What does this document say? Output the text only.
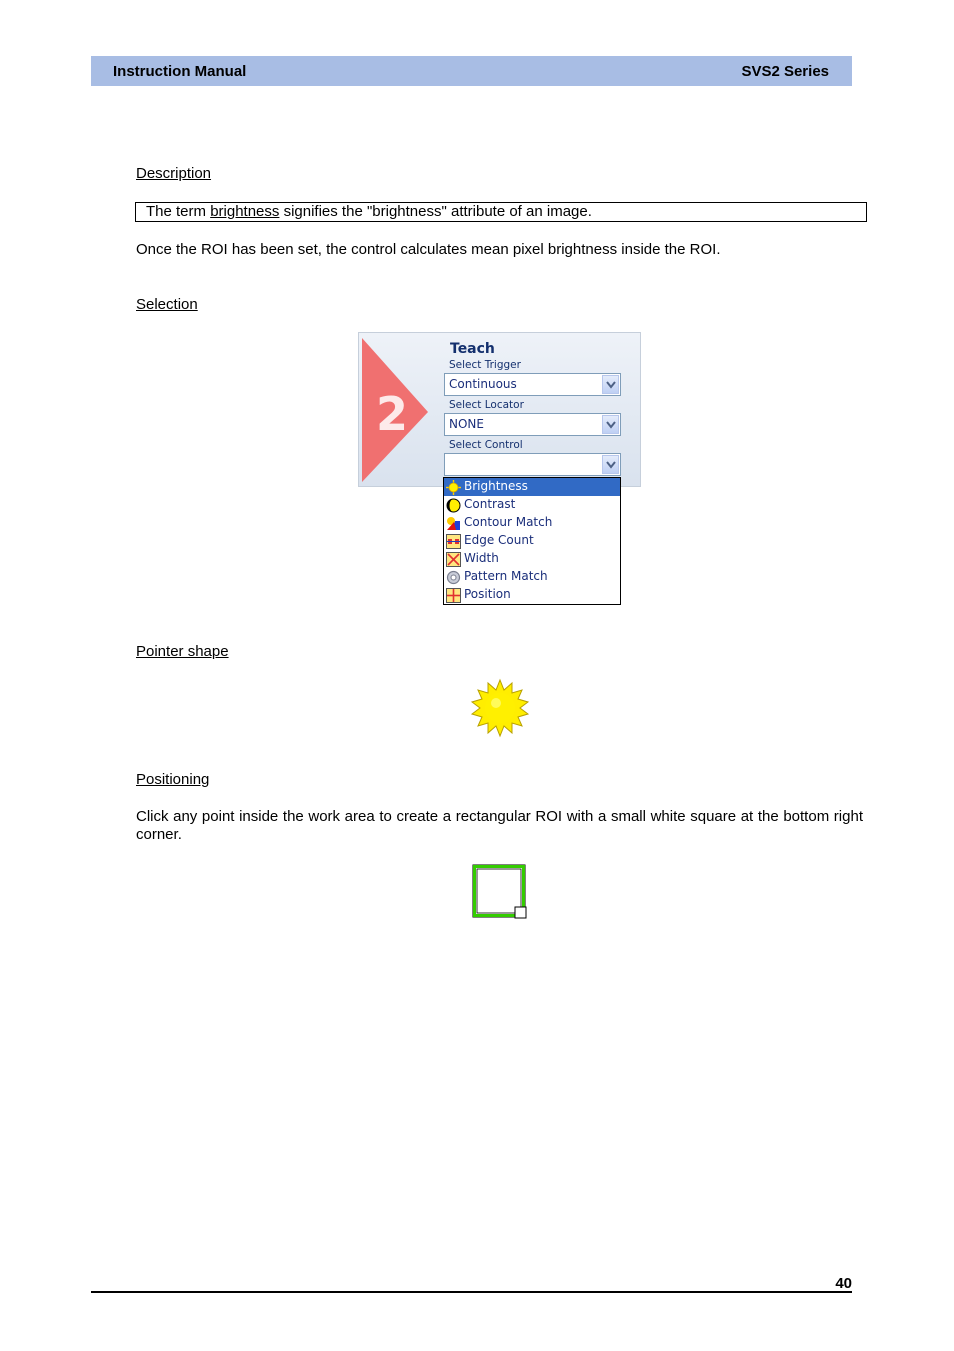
Instruction Manual	SVS2 Series
Description
The term brightness signifies the "brightness" attribute of an image.
Once the ROI has been set, the control calculates mean pixel brightness inside the ROI.
Selection
2
Teach
Select Trigger
Continuous
Select Locator
NONE
Select Control
Brightness
Contrast
Contour Match
Edge Count
Width
Pattern Match
Position
Pointer shape
Positioning
Click any point inside the work area to create a rectangular ROI with a small white square at the bottom right corner.
40
